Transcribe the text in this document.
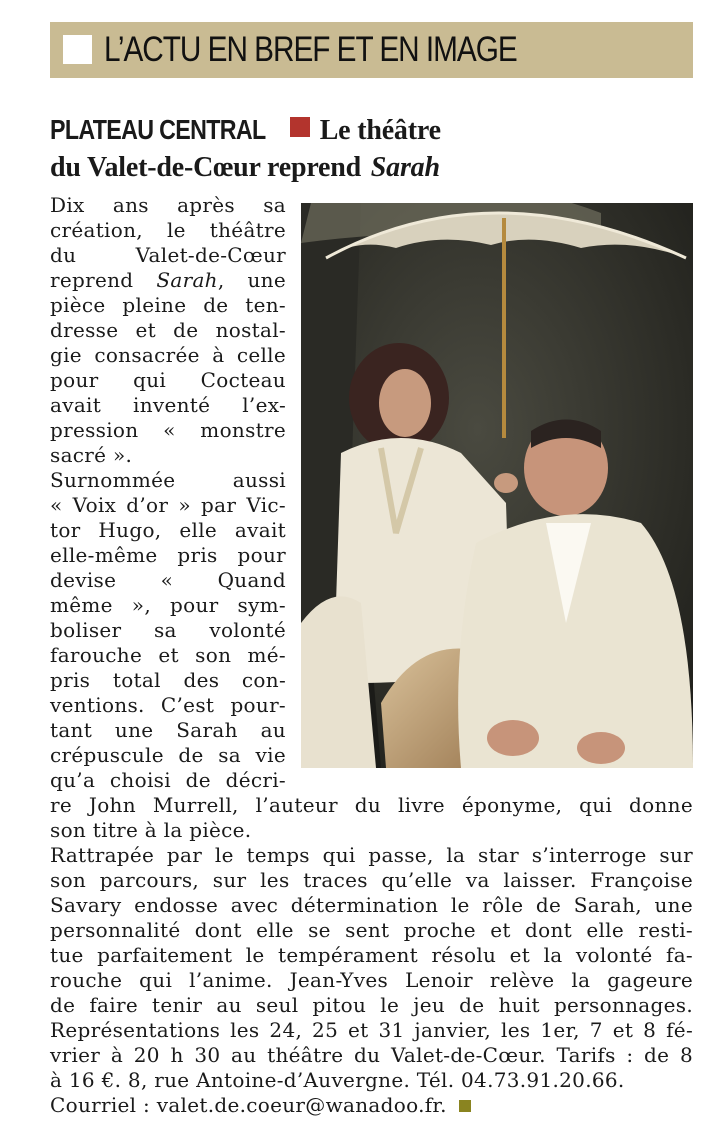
L’ACTU EN BREF ET EN IMAGE
PLATEAU CENTRAL Le théâtre
du Valet-de-Cœur reprend Sarah
Dix ans après sa
création, le théâtre
du Valet-de-Cœur
reprend Sarah, une
pièce pleine de ten-
dresse et de nostal-
gie consacrée à celle
pour qui Cocteau
avait inventé l’ex-
pression « monstre
sacré ».
Surnommée aussi
« Voix d’or » par Vic-
tor Hugo, elle avait
elle-même pris pour
devise « Quand
même », pour sym-
boliser sa volonté
farouche et son mé-
pris total des con-
ventions. C’est pour-
tant une Sarah au
crépuscule de sa vie
qu’a choisi de décri-
re John Murrell, l’auteur du livre éponyme, qui donne
son titre à la pièce.
Rattrapée par le temps qui passe, la star s’interroge sur
son parcours, sur les traces qu’elle va laisser. Françoise
Savary endosse avec détermination le rôle de Sarah, une
personnalité dont elle se sent proche et dont elle resti-
tue parfaitement le tempérament résolu et la volonté fa-
rouche qui l’anime. Jean-Yves Lenoir relève la gageure
de faire tenir au seul pitou le jeu de huit personnages.
Représentations les 24, 25 et 31 janvier, les 1er, 7 et 8 fé-
vrier à 20 h 30 au théâtre du Valet-de-Cœur. Tarifs : de 8
à 16 €. 8, rue Antoine-d’Auvergne. Tél. 04.73.91.20.66.
Courriel : valet.de.coeur@wanadoo.fr.
